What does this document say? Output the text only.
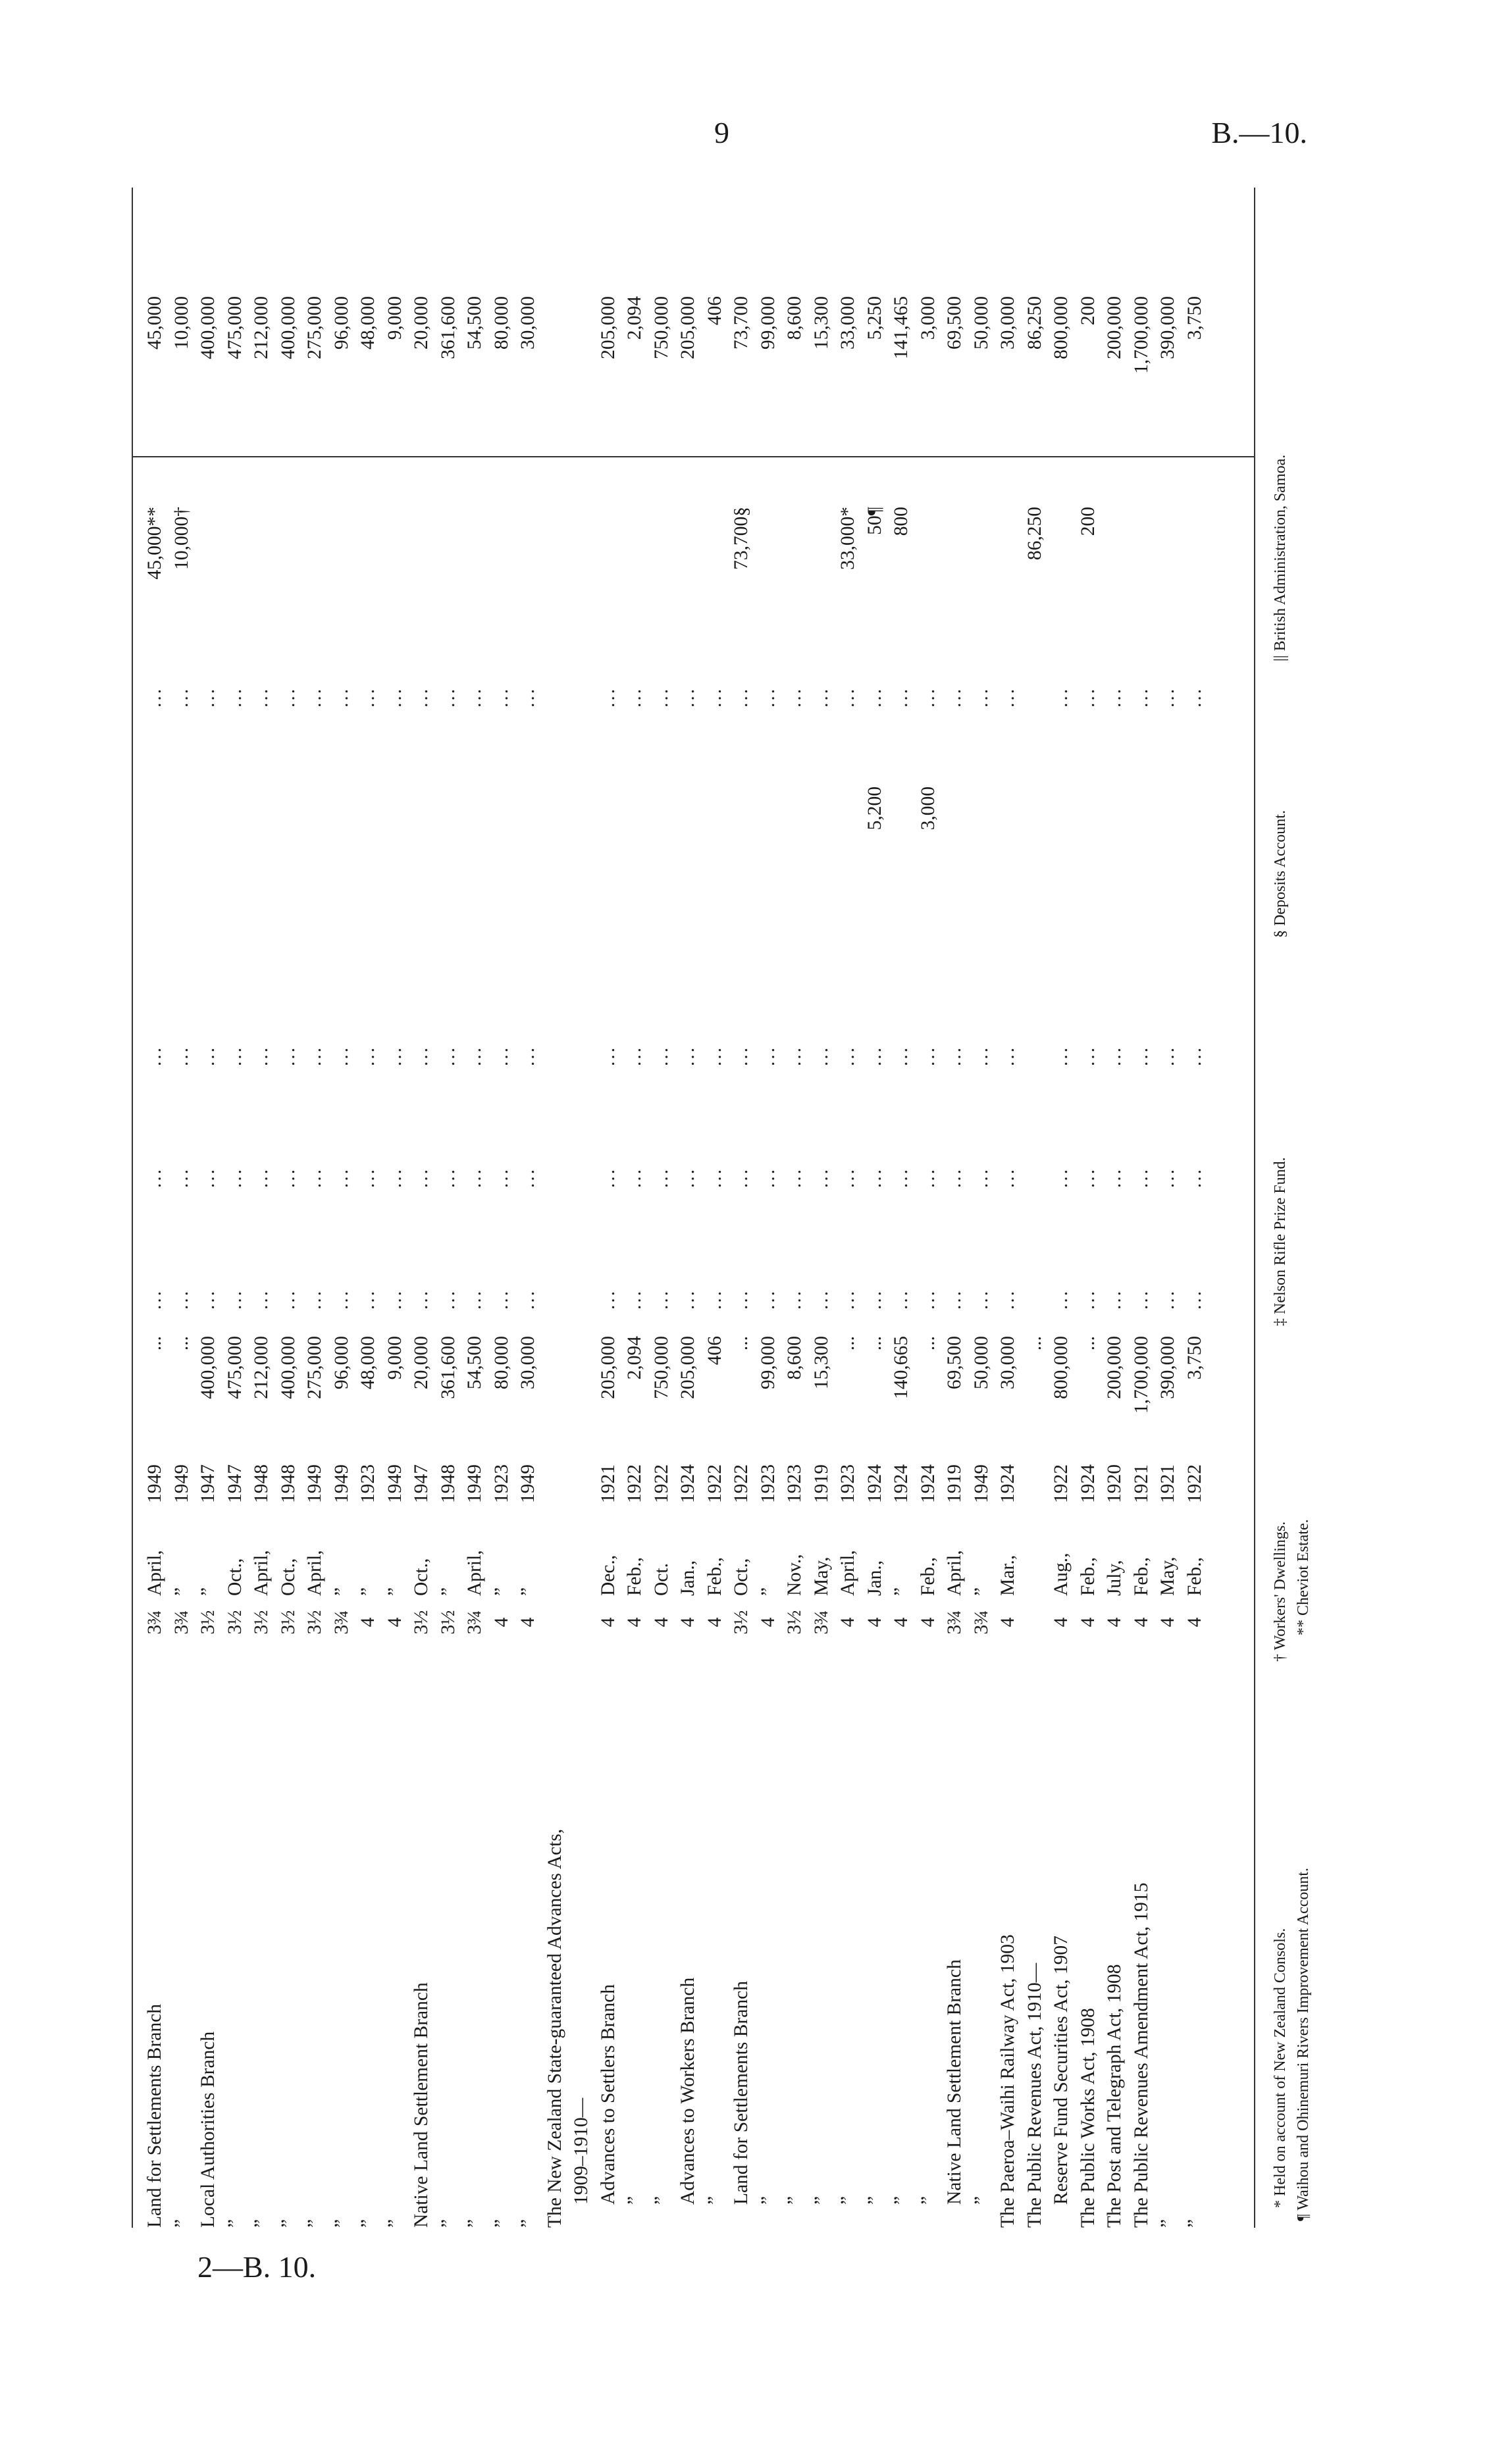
9	B.—10.
2—B. 10.
Land for Settlements Branch
3¾
April,
1949
...
...
...
...
...
45,000**
45,000
”
3¾
”
1949
...
...
...
...
...
10,000†
10,000
Local Authorities Branch
3½
”
1947
400,000
...
...
...
...
400,000
”
3½
Oct.,
1947
475,000
...
...
...
...
475,000
”
3½
April,
1948
212,000
...
...
...
...
212,000
”
3½
Oct.,
1948
400,000
...
...
...
...
400,000
”
3½
April,
1949
275,000
...
...
...
...
275,000
”
3¾
”
1949
96,000
...
...
...
...
96,000
”
4
”
1923
48,000
...
...
...
...
48,000
”
4
”
1949
9,000
...
...
...
...
9,000
Native Land Settlement Branch
3½
Oct.,
1947
20,000
...
...
...
...
20,000
”
3½
”
1948
361,600
...
...
...
...
361,600
”
3¾
April,
1949
54,500
...
...
...
...
54,500
”
4
”
1923
80,000
...
...
...
...
80,000
”
4
”
1949
30,000
...
...
...
...
30,000
The New Zealand State-guaranteed Advances Acts, 1909–1910— Advances to Settlers Branch
4
Dec.,
1921
205,000
...
...
...
...
205,000
”
4
Feb.,
1922
2,094
...
...
...
...
2,094
”
4
Oct.
1922
750,000
...
...
...
...
750,000
Advances to Workers Branch
4
Jan.,
1924
205,000
...
...
...
...
205,000
”
4
Feb.,
1922
406
...
...
...
...
406
Land for Settlements Branch
3½
Oct.,
1922
...
...
...
...
...
73,700§
73,700
”
4
”
1923
99,000
...
...
...
...
99,000
”
3½
Nov.,
1923
8,600
...
...
...
...
8,600
”
3¾
May,
1919
15,300
...
...
...
...
15,300
”
4
April,
1923
...
...
...
...
...
33,000*
33,000
”
4
Jan.,
1924
...
...
...
...
...
5,200
50¶
5,250
”
4
”
1924
140,665
...
...
...
...
800
141,465
”
4
Feb.,
1924
...
...
...
...
...
3,000
3,000
Native Land Settlement Branch
3¾
April,
1919
69,500
...
...
...
...
69,500
”
3¾
”
1949
50,000
...
...
...
...
50,000
The Paeroa–Waihi Railway Act, 1903
4
Mar.,
1924
30,000
...
...
...
...
30,000
The Public Revenues Act, 1910—
...
86,250
86,250
Reserve Fund Securities Act, 1907
4
Aug.,
1922
800,000
...
...
...
...
800,000
The Public Works Act, 1908
4
Feb.,
1924
...
...
...
...
...
200
200
The Post and Telegraph Act, 1908
4
July,
1920
200,000
...
...
...
...
200,000
The Public Revenues Amendment Act, 1915
4
Feb.,
1921
1,700,000
...
...
...
...
1,700,000
”
4
May,
1921
390,000
...
...
...
...
390,000
”
4
Feb.,
1922
3,750
...
...
...
...
3,750
* Held on account of New Zealand Consols. ¶ Waihou and Ohinemuri Rivers Improvement Account.
† Workers' Dwellings. ** Cheviot Estate.
‡ Nelson Rifle Prize Fund.
§ Deposits Account.
|| British Administration, Samoa.
